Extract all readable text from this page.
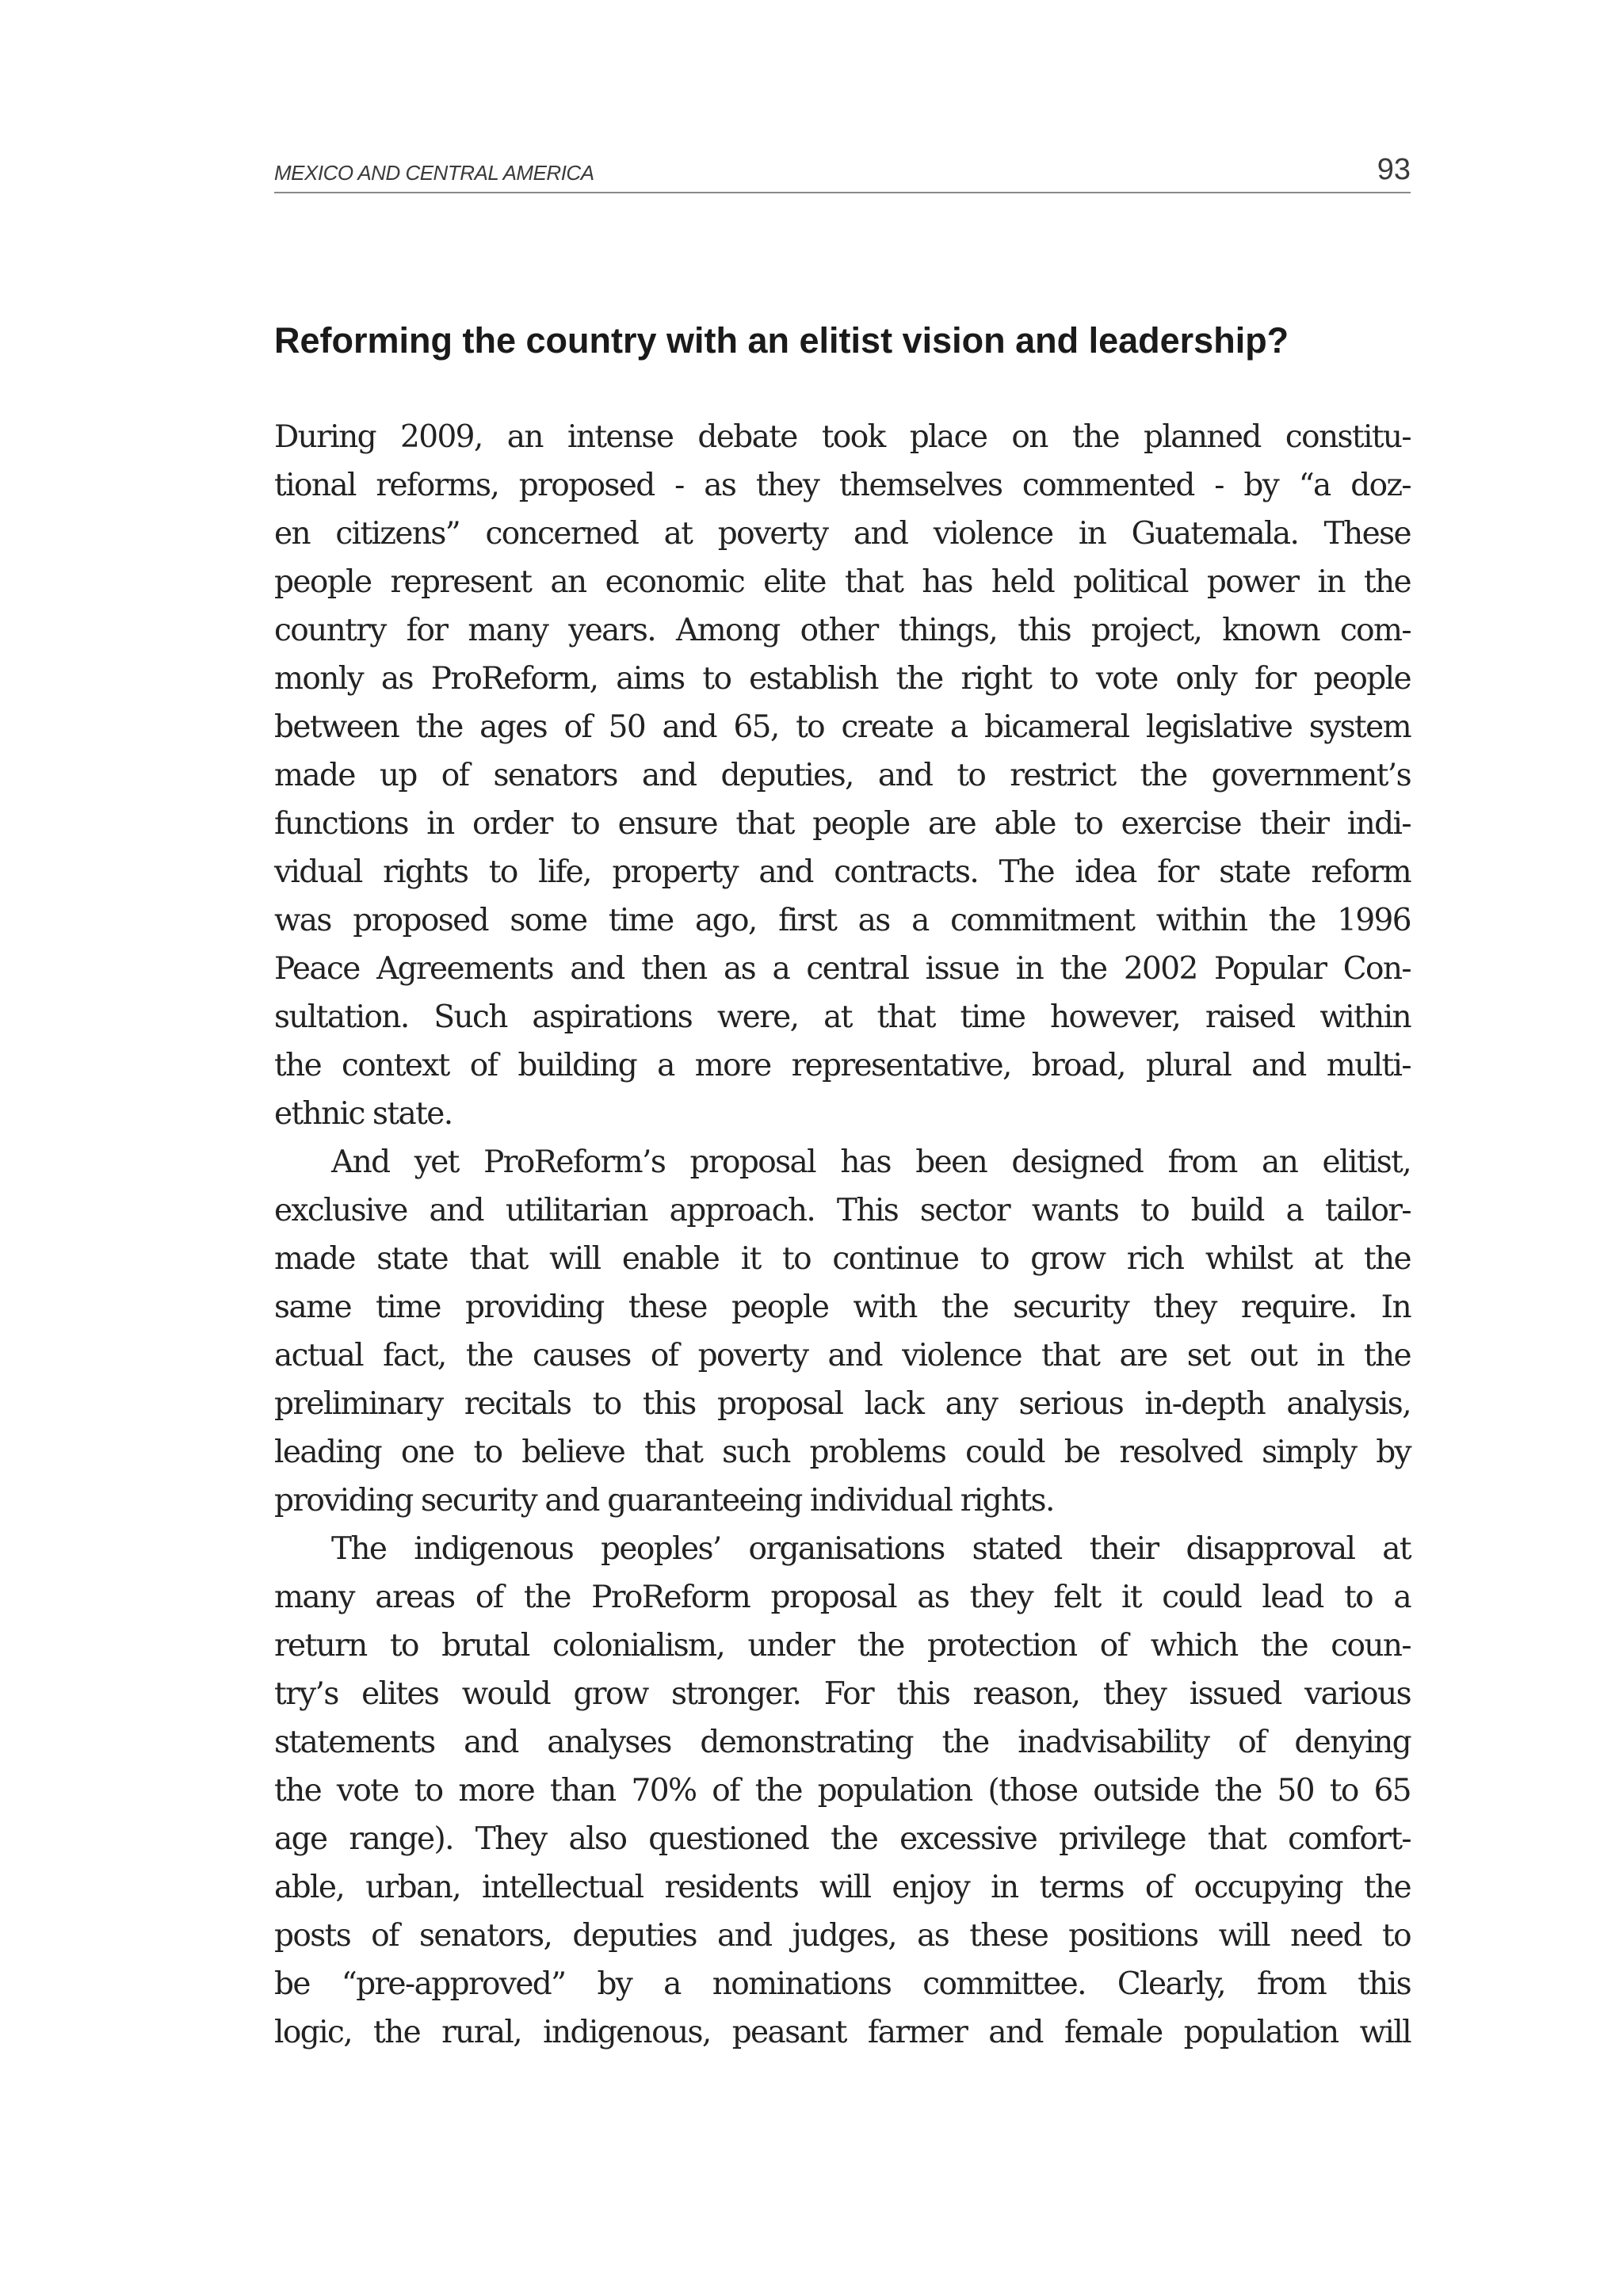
MEXICO AND CENTRAL AMERICA	93
Reforming the country with an elitist vision and leadership?

During 2009, an intense debate took place on the planned constitu-
tional reforms, proposed - as they themselves commented - by “a doz-
en citizens” concerned at poverty and violence in Guatemala. These
people represent an economic elite that has held political power in the
country for many years. Among other things, this project, known com-
monly as ProReform, aims to establish the right to vote only for people
between the ages of 50 and 65, to create a bicameral legislative system
made up of senators and deputies, and to restrict the government’s
functions in order to ensure that people are able to exercise their indi-
vidual rights to life, property and contracts. The idea for state reform
was proposed some time ago, first as a commitment within the 1996
Peace Agreements and then as a central issue in the 2002 Popular Con-
sultation. Such aspirations were, at that time however, raised within
the context of building a more representative, broad, plural and multi-
ethnic state.

And yet ProReform’s proposal has been designed from an elitist,
exclusive and utilitarian approach. This sector wants to build a tailor-
made state that will enable it to continue to grow rich whilst at the
same time providing these people with the security they require. In
actual fact, the causes of poverty and violence that are set out in the
preliminary recitals to this proposal lack any serious in-depth analysis,
leading one to believe that such problems could be resolved simply by
providing security and guaranteeing individual rights.

The indigenous peoples’ organisations stated their disapproval at
many areas of the ProReform proposal as they felt it could lead to a
return to brutal colonialism, under the protection of which the coun-
try’s elites would grow stronger. For this reason, they issued various
statements and analyses demonstrating the inadvisability of denying
the vote to more than 70% of the population (those outside the 50 to 65
age range). They also questioned the excessive privilege that comfort-
able, urban, intellectual residents will enjoy in terms of occupying the
posts of senators, deputies and judges, as these positions will need to
be “pre-approved” by a nominations committee. Clearly, from this
logic, the rural, indigenous, peasant farmer and female population will
